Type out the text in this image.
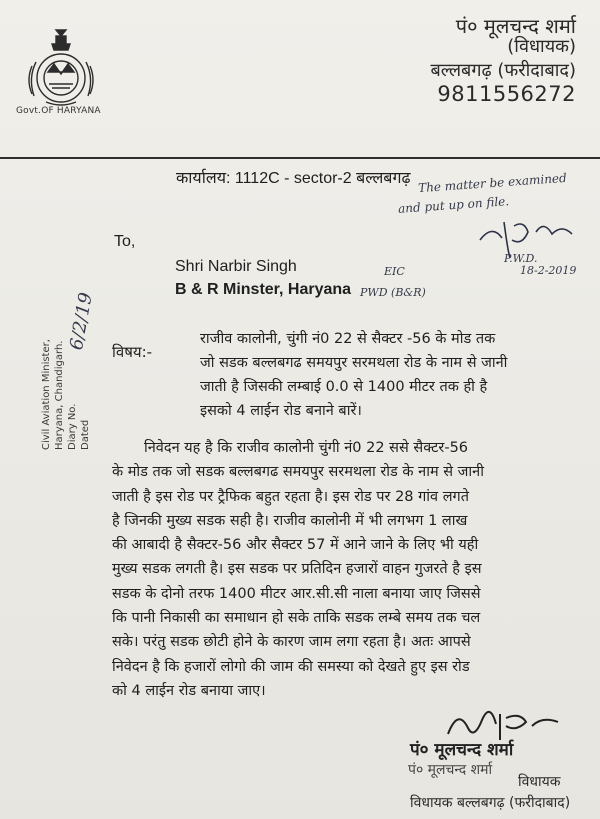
Govt.OF HARYANA
पं० मूलचन्द शर्मा
(विधायक)
बल्लबगढ़ (फरीदाबाद)
9811556272
कार्यालय: 1112C - sector-2 बल्लबगढ़ The matter be examined
and put up on file.
P.W.D.
18-2-2019
EIC
PWD (B&R)
To,
Shri Narbir Singh
B & R Minster, Haryana
विषय:-
राजीव कालोनी, चुंगी नं0 22 से सैक्टर -56 के मोड तक
जो सडक बल्लबगढ समयपुर सरमथला रोड के नाम से जानी
जाती है जिसकी लम्बाई 0.0 से 1400 मीटर तक ही है
इसको 4 लाईन रोड बनाने बारें।
Civil Aviation Minister, Haryana, Chandigarh. Diary No. Dated
6/2/19
निवेदन यह है कि राजीव कालोनी चुंगी नं0 22 ससे सैक्टर-56
के मोड तक जो सडक बल्लबगढ समयपुर सरमथला रोड के नाम से जानी
जाती है इस रोड पर ट्रैफिक बहुत रहता है। इस रोड पर 28 गांव लगते
है जिनकी मुख्य सडक सही है। राजीव कालोनी में भी लगभग 1 लाख
की आबादी है सैक्टर-56 और सैक्टर 57 में आने जाने के लिए भी यही
मुख्य सडक लगती है। इस सडक पर प्रतिदिन हजारों वाहन गुजरते है इस
सडक के दोनो तरफ 1400 मीटर आर.सी.सी नाला बनाया जाए जिससे
कि पानी निकासी का समाधान हो सके ताकि सडक लम्बे समय तक चल
सके। परंतु सडक छोटी होने के कारण जाम लगा रहता है। अतः आपसे
निवेदन है कि हजारों लोगो की जाम की समस्या को देखते हुए इस रोड
को 4 लाईन रोड बनाया जाए।
पं० मूलचन्द शर्मा
पं० मूलचन्द शर्मा
विधायक
विधायक बल्लबगढ़ (फरीदाबाद)
